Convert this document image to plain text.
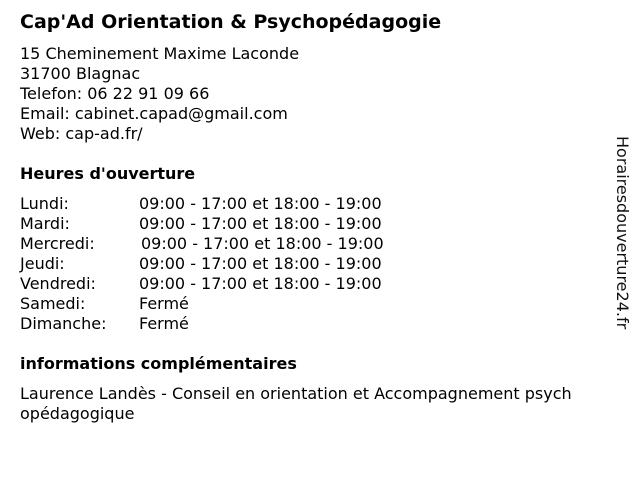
Cap'Ad Orientation & Psychopédagogie
15 Cheminement Maxime Laconde
31700 Blagnac
Telefon: 06 22 91 09 66
Email: cabinet.capad@gmail.com
Web: cap-ad.fr/
Heures d'ouverture
Lundi:	09:00 - 17:00 et 18:00 - 19:00
Mardi:	09:00 - 17:00 et 18:00 - 19:00
Mercredi:	09:00 - 17:00 et 18:00 - 19:00
Jeudi:	09:00 - 17:00 et 18:00 - 19:00
Vendredi:	09:00 - 17:00 et 18:00 - 19:00
Samedi:	Fermé
Dimanche: Fermé
informations complémentaires
Laurence Landès - Conseil en orientation et Accompagnement psych
opédagogique
Horairesdouverture24.fr
